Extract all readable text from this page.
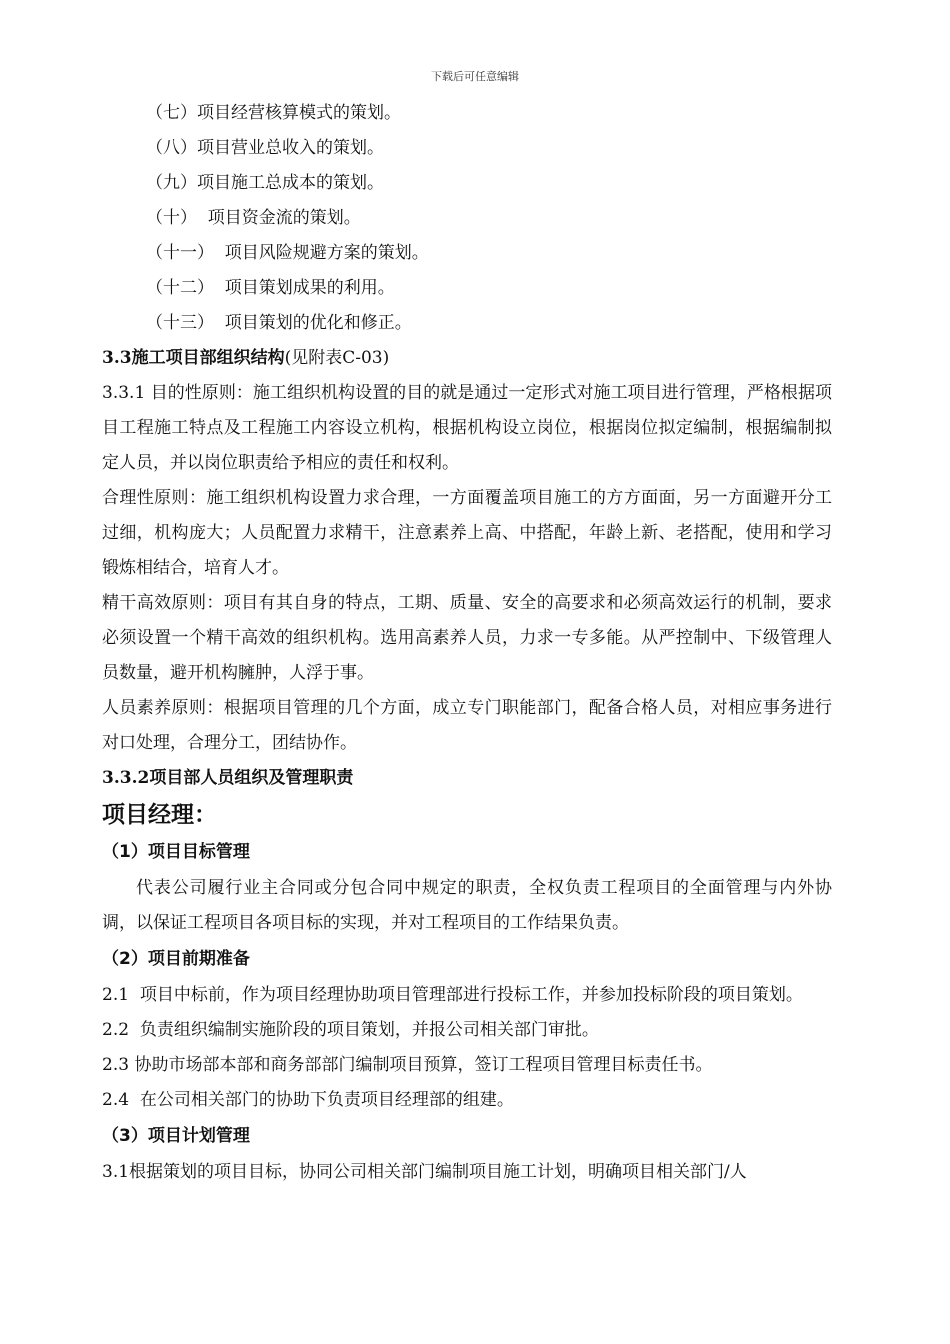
下载后可任意编辑
（七）项目经营核算模式的策划。
（八）项目营业总收入的策划。
（九）项目施工总成本的策划。
（十）  项目资金流的策划。
（十一）  项目风险规避方案的策划。
（十二）  项目策划成果的利用。
（十三）  项目策划的优化和修正。
3.3施工项目部组织结构(见附表C-03)
3.3.1 目的性原则：施工组织机构设置的目的就是通过一定形式对施工项目进行管理，严格根据项目工程施工特点及工程施工内容设立机构，根据机构设立岗位，根据岗位拟定编制，根据编制拟定人员，并以岗位职责给予相应的责任和权利。
合理性原则：施工组织机构设置力求合理，一方面覆盖项目施工的方方面面，另一方面避开分工过细，机构庞大；人员配置力求精干，注意素养上高、中搭配，年龄上新、老搭配，使用和学习锻炼相结合，培育人才。
精干高效原则：项目有其自身的特点，工期、质量、安全的高要求和必须高效运行的机制，要求必须设置一个精干高效的组织机构。选用高素养人员，力求一专多能。从严控制中、下级管理人员数量，避开机构臃肿，人浮于事。
人员素养原则：根据项目管理的几个方面，成立专门职能部门，配备合格人员，对相应事务进行对口处理，合理分工，团结协作。
3.3.2项目部人员组织及管理职责
项目经理：
（1）项目目标管理
代表公司履行业主合同或分包合同中规定的职责，全权负责工程项目的全面管理与内外协调，以保证工程项目各项目标的实现，并对工程项目的工作结果负责。
（2）项目前期准备
2.1  项目中标前，作为项目经理协助项目管理部进行投标工作，并参加投标阶段的项目策划。
2.2  负责组织编制实施阶段的项目策划，并报公司相关部门审批。
2.3 协助市场部本部和商务部部门编制项目预算，签订工程项目管理目标责任书。
2.4  在公司相关部门的协助下负责项目经理部的组建。
（3）项目计划管理
3.1根据策划的项目目标，协同公司相关部门编制项目施工计划，明确项目相关部门/人
